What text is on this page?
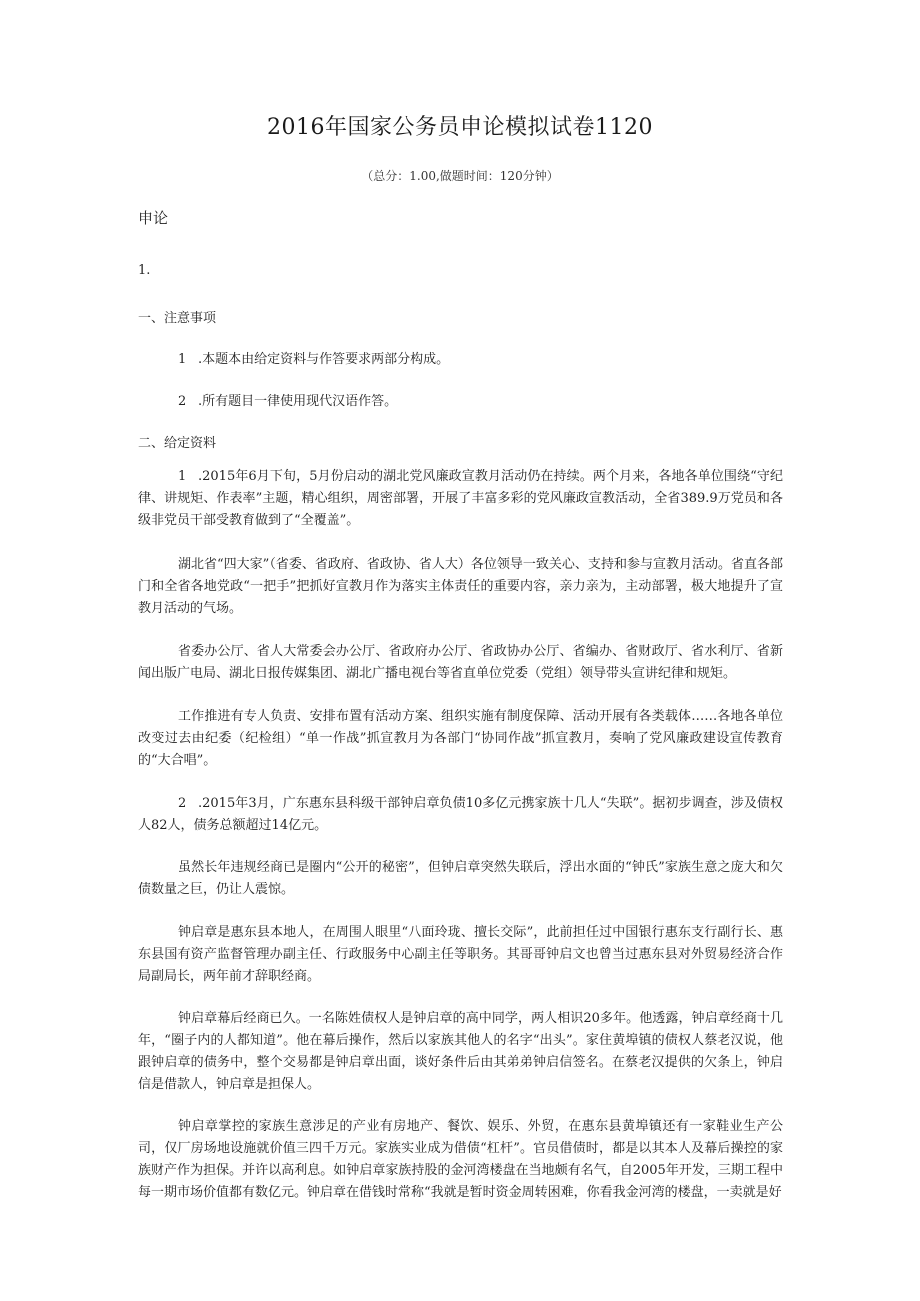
2016年国家公务员申论模拟试卷1120
（总分：1.00,做题时间：120分钟）
申论
1.
一、注意事项
1 .本题本由给定资料与作答要求两部分构成。
2 .所有题目一律使用现代汉语作答。
二、给定资料
1 .2015年6月下旬，5月份启动的湖北党风廉政宣教月活动仍在持续。两个月来，各地各单位围绕“守纪律、讲规矩、作表率”主题，精心组织，周密部署，开展了丰富多彩的党风廉政宣教活动，全省389.9万党员和各级非党员干部受教育做到了“全覆盖”。
湖北省“四大家”（省委、省政府、省政协、省人大）各位领导一致关心、支持和参与宣教月活动。省直各部门和全省各地党政“一把手”把抓好宣教月作为落实主体责任的重要内容，亲力亲为，主动部署，极大地提升了宣教月活动的气场。
省委办公厅、省人大常委会办公厅、省政府办公厅、省政协办公厅、省编办、省财政厅、省水利厅、省新闻出版广电局、湖北日报传媒集团、湖北广播电视台等省直单位党委（党组）领导带头宣讲纪律和规矩。
工作推进有专人负责、安排布置有活动方案、组织实施有制度保障、活动开展有各类载体……各地各单位改变过去由纪委（纪检组）“单一作战”抓宣教月为各部门“协同作战”抓宣教月，奏响了党风廉政建设宣传教育的“大合唱”。
2 .2015年3月，广东惠东县科级干部钟启章负债10多亿元携家族十几人“失联”。据初步调查，涉及债权人82人，债务总额超过14亿元。
虽然长年违规经商已是圈内“公开的秘密”，但钟启章突然失联后，浮出水面的“钟氏”家族生意之庞大和欠债数量之巨，仍让人震惊。
钟启章是惠东县本地人，在周围人眼里“八面玲珑、擅长交际”，此前担任过中国银行惠东支行副行长、惠东县国有资产监督管理办副主任、行政服务中心副主任等职务。其哥哥钟启文也曾当过惠东县对外贸易经济合作局副局长，两年前才辞职经商。
钟启章幕后经商已久。一名陈姓债权人是钟启章的高中同学，两人相识20多年。他透露，钟启章经商十几年，“圈子内的人都知道”。他在幕后操作，然后以家族其他人的名字“出头”。家住黄埠镇的债权人蔡老汉说，他跟钟启章的债务中，整个交易都是钟启章出面，谈好条件后由其弟弟钟启信签名。在蔡老汉提供的欠条上，钟启信是借款人，钟启章是担保人。
钟启章掌控的家族生意涉足的产业有房地产、餐饮、娱乐、外贸，在惠东县黄埠镇还有一家鞋业生产公司，仅厂房场地设施就价值三四千万元。家族实业成为借债“杠杆”。官员借债时，都是以其本人及幕后操控的家族财产作为担保。并许以高利息。如钟启章家族持股的金河湾楼盘在当地颇有名气，自2005年开发，三期工程中每一期市场价值都有数亿元。钟启章在借钱时常称“我就是暂时资金周转困难，你看我金河湾的楼盘，一卖就是好
